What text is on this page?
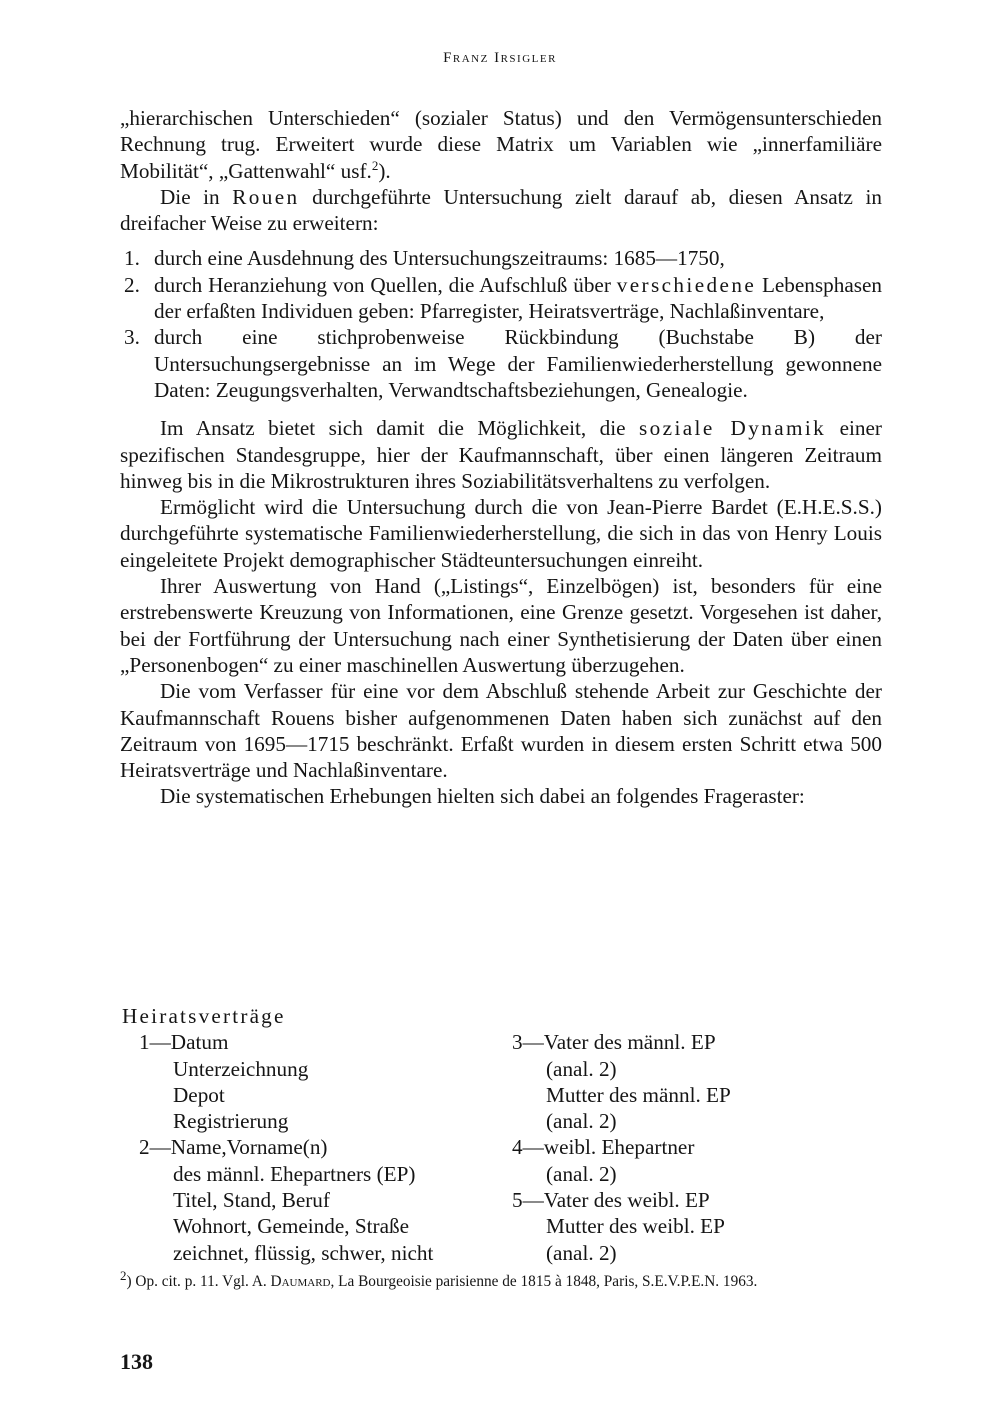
Franz Irsigler

„hierarchischen Unterschieden“ (sozialer Status) und den Vermögensunterschieden Rechnung trug. Erweitert wurde diese Matrix um Variablen wie „innerfamiliäre Mobilität“, „Gattenwahl“ usf.$^2$).

Die in Rouen durchgeführte Untersuchung zielt darauf ab, diesen Ansatz in dreifacher Weise zu erweitern:

1. durch eine Ausdehnung des Untersuchungszeitraums: 1685—1750,
2. durch Heranziehung von Quellen, die Aufschluß über verschiedene Lebensphasen der erfaßten Individuen geben: Pfarregister, Heiratsverträge, Nachlaßinventare,
3. durch eine stichprobenweise Rückbindung (Buchstabe B) der Untersuchungsergebnisse an im Wege der Familienwiederherstellung gewonnene Daten: Zeugungsverhalten, Verwandtschaftsbeziehungen, Genealogie.

Im Ansatz bietet sich damit die Möglichkeit, die soziale Dynamik einer spezifischen Standesgruppe, hier der Kaufmannschaft, über einen längeren Zeitraum hinweg bis in die Mikrostrukturen ihres Soziabilitätsverhaltens zu verfolgen.

Ermöglicht wird die Untersuchung durch die von Jean-Pierre Bardet (E.H.E.S.S.) durchgeführte systematische Familienwiederherstellung, die sich in das von Henry Louis eingeleitete Projekt demographischer Städteuntersuchungen einreiht.

Ihrer Auswertung von Hand („Listings“, Einzelbögen) ist, besonders für eine erstrebenswerte Kreuzung von Informationen, eine Grenze gesetzt. Vorgesehen ist daher, bei der Fortführung der Untersuchung nach einer Synthetisierung der Daten über einen „Personenbogen“ zu einer maschinellen Auswertung überzugehen.

Die vom Verfasser für eine vor dem Abschluß stehende Arbeit zur Geschichte der Kaufmannschaft Rouens bisher aufgenommenen Daten haben sich zunächst auf den Zeitraum von 1695—1715 beschränkt. Erfaßt wurden in diesem ersten Schritt etwa 500 Heiratsverträge und Nachlaßinventare.

Die systematischen Erhebungen hielten sich dabei an folgendes Frageraster:

Heiratsverträge
1—Datum
Unterzeichnung
Depot
Registrierung
2—Name,Vorname(n)
des männl. Ehepartners (EP)
Titel, Stand, Beruf
Wohnort, Gemeinde, Straße
zeichnet, flüssig, schwer, nicht
3—Vater des männl. EP
(anal. 2)
Mutter des männl. EP
(anal. 2)
4—weibl. Ehepartner
(anal. 2)
5—Vater des weibl. EP
Mutter des weibl. EP
(anal. 2)
$^2$) Op. cit. p. 11. Vgl. A. Daumard, La Bourgeoisie parisienne de 1815 à 1848, Paris, S.E.V.P.E.N. 1963.
138
